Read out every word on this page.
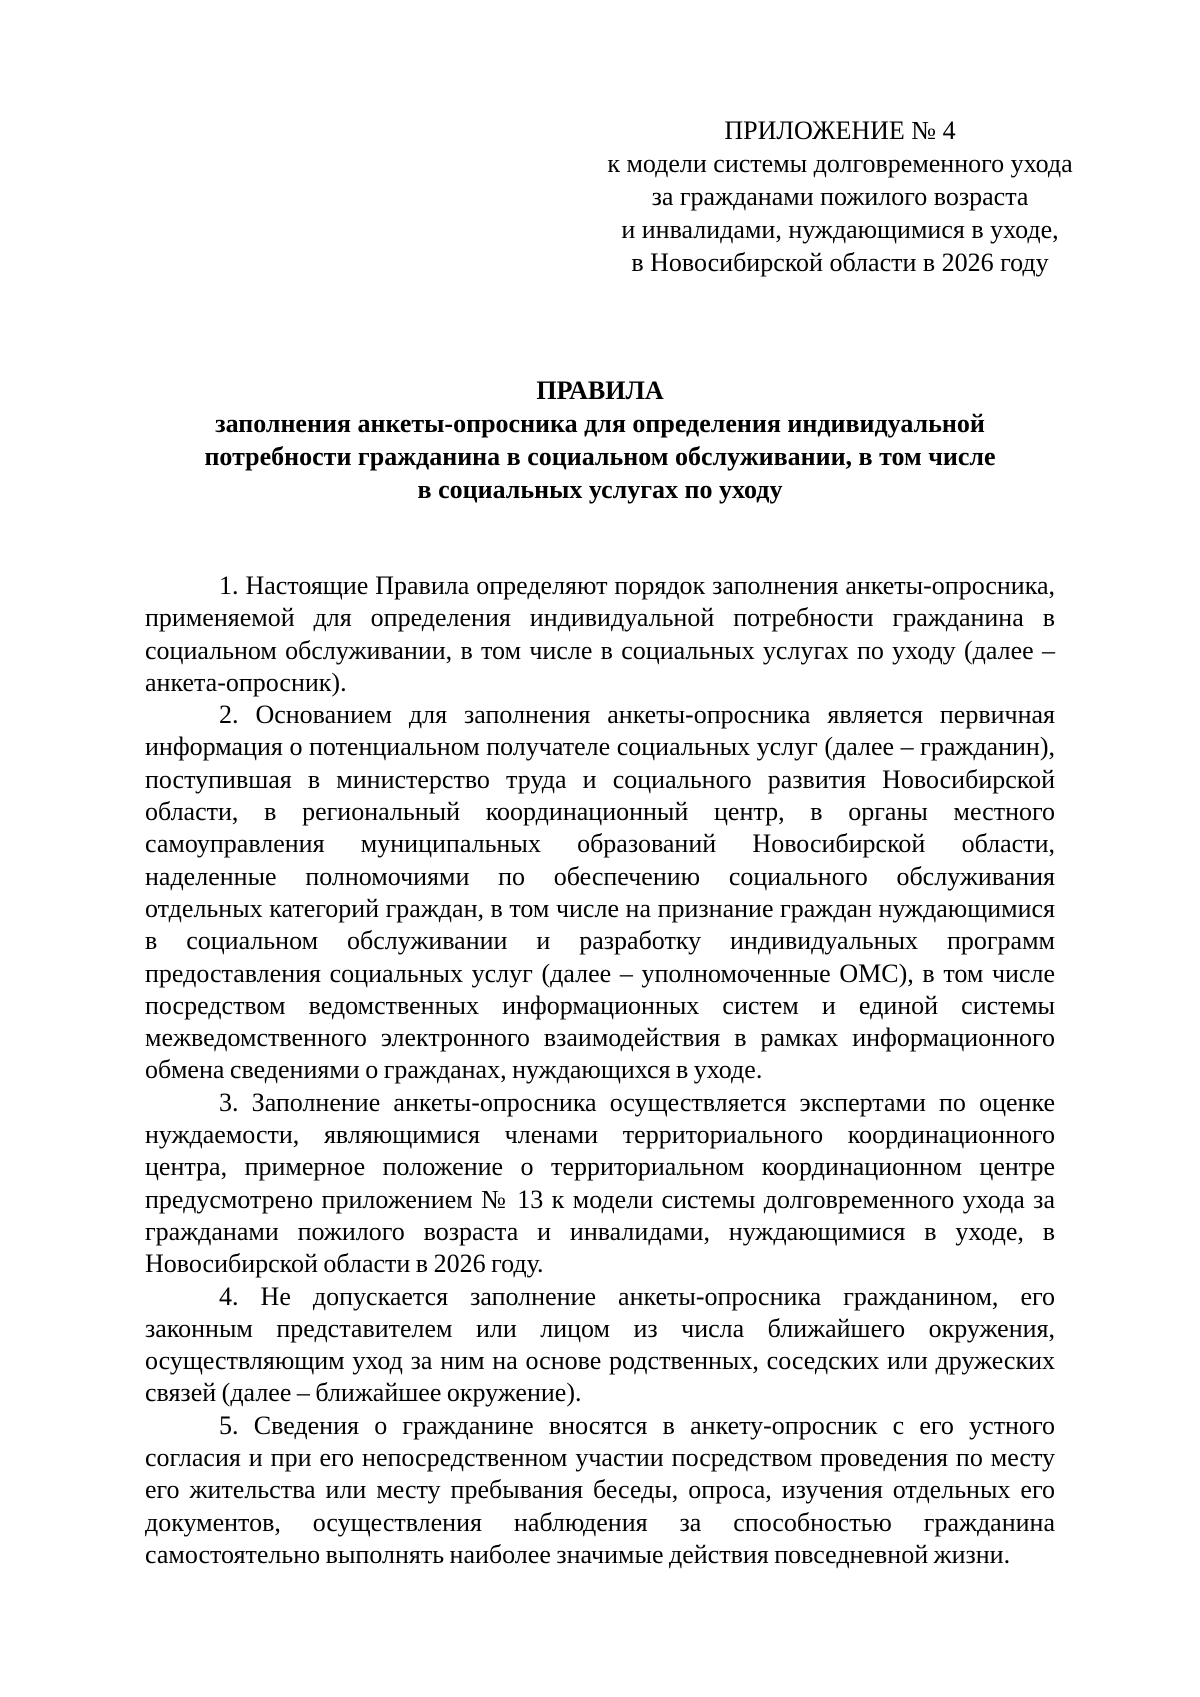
ПРИЛОЖЕНИЕ № 4
к модели системы долговременного ухода
за гражданами пожилого возраста
и инвалидами, нуждающимися в уходе,
в Новосибирской области в 2026 году
ПРАВИЛА
заполнения анкеты-опросника для определения индивидуальной
потребности гражданина в социальном обслуживании, в том числе
в социальных услугах по уходу

1. Настоящие Правила определяют порядок заполнения анкеты-опросника, применяемой для определения индивидуальной потребности гражданина в социальном обслуживании, в том числе в социальных услугах по уходу (далее – анкета-опросник).

2. Основанием для заполнения анкеты-опросника является первичная информация о потенциальном получателе социальных услуг (далее – гражданин), поступившая в министерство труда и социального развития Новосибирской области, в региональный координационный центр, в органы местного самоуправления муниципальных образований Новосибирской области, наделенные полномочиями по обеспечению социального обслуживания отдельных категорий граждан, в том числе на признание граждан нуждающимися в социальном обслуживании и разработку индивидуальных программ предоставления социальных услуг (далее – уполномоченные ОМС), в том числе посредством ведомственных информационных систем и единой системы межведомственного электронного взаимодействия в рамках информационного обмена сведениями о гражданах, нуждающихся в уходе.

3. Заполнение анкеты-опросника осуществляется экспертами по оценке нуждаемости, являющимися членами территориального координационного центра, примерное положение о территориальном координационном центре предусмотрено приложением № 13 к модели системы долговременного ухода за гражданами пожилого возраста и инвалидами, нуждающимися в уходе, в Новосибирской области в 2026 году.

4. Не допускается заполнение анкеты-опросника гражданином, его законным представителем или лицом из числа ближайшего окружения, осуществляющим уход за ним на основе родственных, соседских или дружеских связей (далее – ближайшее окружение).

5. Сведения о гражданине вносятся в анкету-опросник с его устного согласия и при его непосредственном участии посредством проведения по месту его жительства или месту пребывания беседы, опроса, изучения отдельных его документов, осуществления наблюдения за способностью гражданина самостоятельно выполнять наиболее значимые действия повседневной жизни.
